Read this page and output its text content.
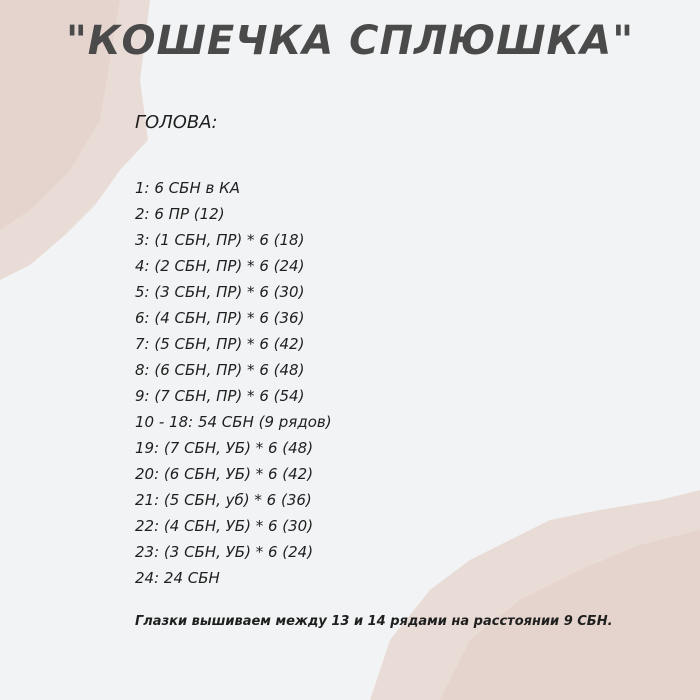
"КОШЕЧКА СПЛЮШКА"
ГОЛОВА:
1: 6 СБН в КА
2: 6 ПР (12)
3: (1 СБН, ПР) * 6 (18)
4: (2 СБН, ПР) * 6 (24)
5: (3 СБН, ПР) * 6 (30)
6: (4 СБН, ПР) * 6 (36)
7: (5 СБН, ПР) * 6 (42)
8: (6 СБН, ПР) * 6 (48)
9: (7 СБН, ПР) * 6 (54)
10 - 18: 54 СБН (9 рядов)
19: (7 СБН, УБ) * 6 (48)
20: (6 СБН, УБ) * 6 (42)
21: (5 СБН, уб) * 6 (36)
22: (4 СБН, УБ) * 6 (30)
23: (3 СБН, УБ) * 6 (24)
24: 24 СБН
Глазки вышиваем между 13 и 14 рядами на расстоянии 9 СБН.
